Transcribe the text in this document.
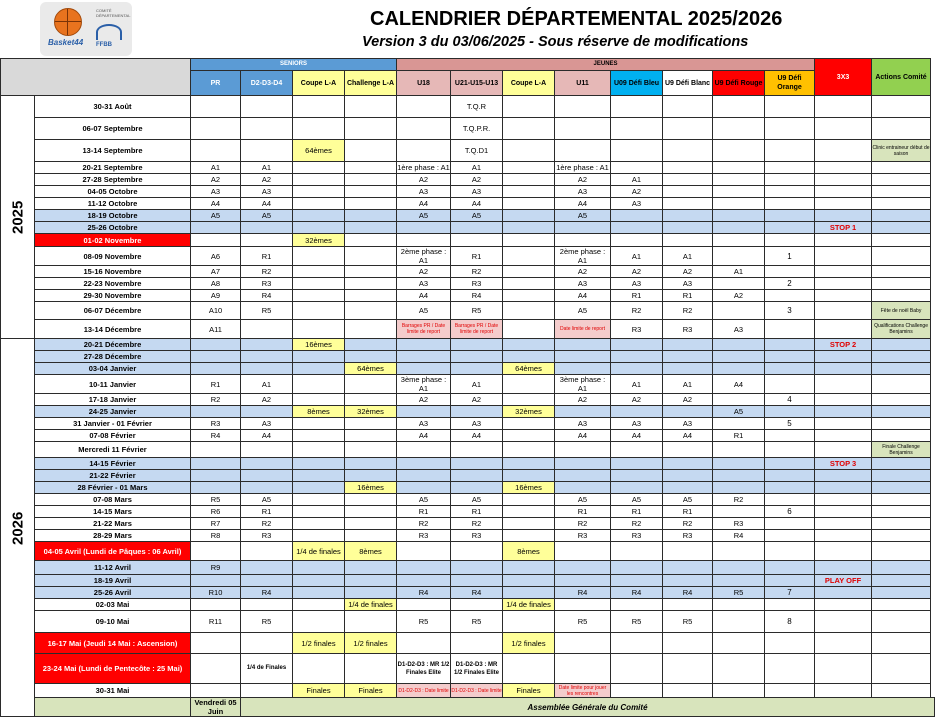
Basket44
COMITÉ DÉPARTEMENTAL
FFBB
CALENDRIER DÉPARTEMENTAL 2025/2026
Version 3 du 03/06/2025 - Sous réserve de modifications
		SENIORS				JEUNES								3X3	Actions Comité
		PR	D2-D3-D4	Coupe L-A	Challenge L-A	U18	U21-U15-U13	Coupe L-A	U11	U09 Défi Bleu	U9 Défi Blanc	U9 Défi Rouge	U9 Défi Orange		
2025	30-31 Août						T.Q.R								
	06-07 Septembre						T.Q.P.R.								
	13-14 Septembre			64èmes			T.Q.D1								Clinic entraineur début de saison
	20-21 Septembre	A1	A1			1ère phase : A1	A1		1ère phase : A1						
	27-28 Septembre	A2	A2			A2	A2		A2	A1					
	04-05 Octobre	A3	A3			A3	A3		A3	A2					
	11-12 Octobre	A4	A4			A4	A4		A4	A3					
	18-19 Octobre	A5	A5			A5	A5		A5						
	25-26 Octobre													STOP 1	
	01-02 Novembre			32èmes											
	08-09 Novembre	A6	R1			2ème phase : A1	R1		2ème phase : A1	A1	A1		1		
	15-16 Novembre	A7	R2			A2	R2		A2	A2	A2	A1			
	22-23 Novembre	A8	R3			A3	R3		A3	A3	A3		2		
	29-30 Novembre	A9	R4			A4	R4		A4	R1	R1	A2			
	06-07 Décembre	A10	R5			A5	R5		A5	R2	R2		3		Fête de noël Baby
	13-14 Décembre	A11				Barrages PR / Date limite de report	Barrages PR / Date limite de report		Date limite de report	R3	R3	A3			Qualifications Challenge Benjamins
2026	20-21 Décembre			16èmes										STOP 2	
	27-28 Décembre														
	03-04 Janvier				64èmes			64èmes							
	10-11 Janvier	R1	A1			3ème phase : A1	A1		3ème phase : A1	A1	A1	A4			
	17-18 Janvier	R2	A2			A2	A2		A2	A2	A2		4		
	24-25 Janvier			8èmes	32èmes			32èmes				A5			
	31 Janvier - 01 Février	R3	A3			A3	A3		A3	A3	A3		5		
	07-08 Février	R4	A4			A4	A4		A4	A4	A4	R1			
	Mercredi 11 Février														Finale Challenge Benjamins
	14-15 Février													STOP 3	
	21-22 Février														
	28 Février - 01 Mars				16èmes			16èmes							
	07-08 Mars	R5	A5			A5	A5		A5	A5	A5	R2			
	14-15 Mars	R6	R1			R1	R1		R1	R1	R1		6		
	21-22 Mars	R7	R2			R2	R2		R2	R2	R2	R3			
	28-29 Mars	R8	R3			R3	R3		R3	R3	R3	R4			
	04-05 Avril (Lundi de Pâques : 06 Avril)			1/4 de finales	8èmes			8èmes							
	11-12 Avril	R9													
	18-19 Avril													PLAY OFF	
	25-26 Avril	R10	R4			R4	R4		R4	R4	R4	R5	7		
	02-03 Mai				1/4 de finales			1/4 de finales							
	09-10 Mai	R11	R5			R5	R5		R5	R5	R5		8		
	16-17 Mai (Jeudi 14 Mai : Ascension)			1/2 finales	1/2 finales			1/2 finales							
	23-24 Mai (Lundi de Pentecôte : 25 Mai)		1/4 de Finales			D1-D2-D3 : MR 1/2 Finales Elite	D1-D2-D3 : MR 1/2 Finales Elite								
	30-31 Mai			Finales	Finales	D1-D2-D3 : Date limite	D1-D2-D3 : Date limite	Finales	Date limite pour jouer les rencontres						
		Vendredi 05 Juin	Assemblée Générale du Comité												
